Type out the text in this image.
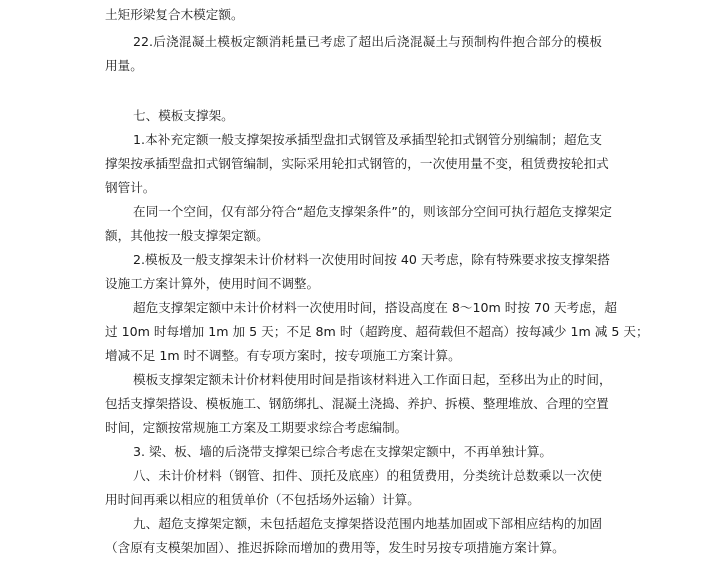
土矩形梁复合木模定额。
22.后浇混凝土模板定额消耗量已考虑了超出后浇混凝土与预制构件抱合部分的模板
用量。
七、模板支撑架。
1.本补充定额一般支撑架按承插型盘扣式钢管及承插型轮扣式钢管分别编制；超危支
撑架按承插型盘扣式钢管编制，实际采用轮扣式钢管的，一次使用量不变，租赁费按轮扣式
钢管计。
在同一个空间，仅有部分符合“超危支撑架条件”的，则该部分空间可执行超危支撑架定
额，其他按一般支撑架定额。
2.模板及一般支撑架未计价材料一次使用时间按 40 天考虑，除有特殊要求按支撑架搭
设施工方案计算外，使用时间不调整。
超危支撑架定额中未计价材料一次使用时间，搭设高度在 8～10m 时按 70 天考虑，超
过 10m 时每增加 1m 加 5 天；不足 8m 时（超跨度、超荷载但不超高）按每减少 1m 减 5 天；
增减不足 1m 时不调整。有专项方案时，按专项施工方案计算。
模板支撑架定额未计价材料使用时间是指该材料进入工作面日起，至移出为止的时间，
包括支撑架搭设、模板施工、钢筋绑扎、混凝土浇捣、养护、拆模、整理堆放、合理的空置
时间，定额按常规施工方案及工期要求综合考虑编制。
3. 梁、板、墙的后浇带支撑架已综合考虑在支撑架定额中，不再单独计算。
八、未计价材料（钢管、扣件、顶托及底座）的租赁费用，分类统计总数乘以一次使
用时间再乘以相应的租赁单价（不包括场外运输）计算。
九、超危支撑架定额，未包括超危支撑架搭设范围内地基加固或下部相应结构的加固
（含原有支模架加固）、推迟拆除而增加的费用等，发生时另按专项措施方案计算。
